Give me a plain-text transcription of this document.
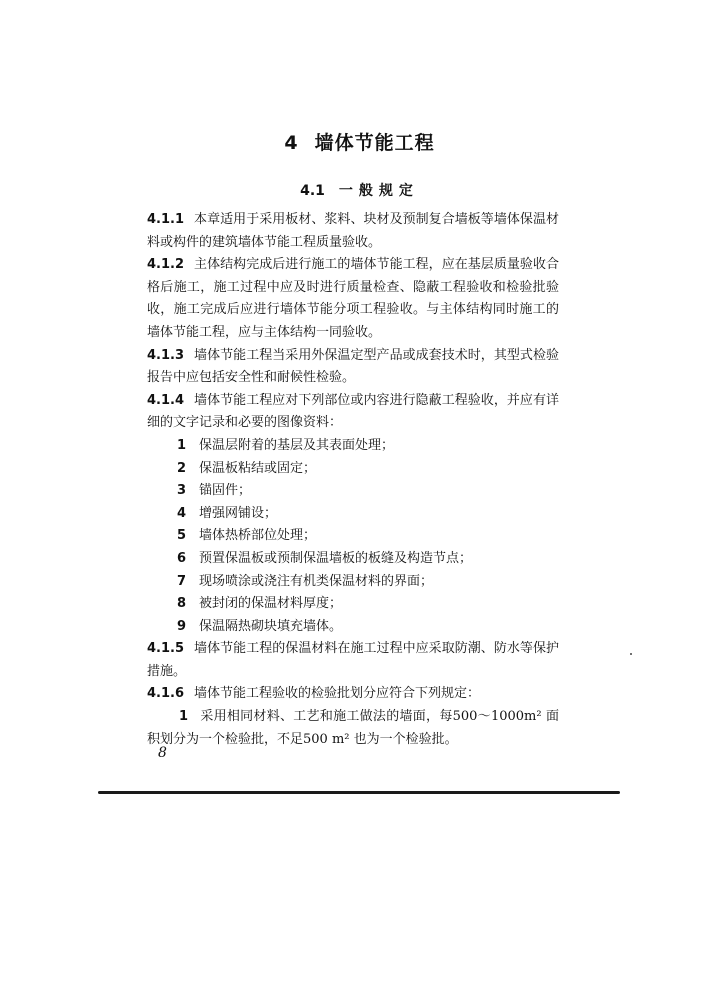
4 墙体节能工程
4.1 一般规定

4.1.1 本章适用于采用板材、浆料、块材及预制复合墙板等墙体保温材料或构件的建筑墙体节能工程质量验收。

4.1.2 主体结构完成后进行施工的墙体节能工程，应在基层质量验收合格后施工，施工过程中应及时进行质量检查、隐蔽工程验收和检验批验收，施工完成后应进行墙体节能分项工程验收。与主体结构同时施工的墙体节能工程，应与主体结构一同验收。

4.1.3 墙体节能工程当采用外保温定型产品或成套技术时，其型式检验报告中应包括安全性和耐候性检验。

4.1.4 墙体节能工程应对下列部位或内容进行隐蔽工程验收，并应有详细的文字记录和必要的图像资料：

1 保温层附着的基层及其表面处理；

2 保温板粘结或固定；

3 锚固件；

4 增强网铺设；

5 墙体热桥部位处理；

6 预置保温板或预制保温墙板的板缝及构造节点；

7 现场喷涂或浇注有机类保温材料的界面；

8 被封闭的保温材料厚度；

9 保温隔热砌块填充墙体。

4.1.5 墙体节能工程的保温材料在施工过程中应采取防潮、防水等保护措施。

4.1.6 墙体节能工程验收的检验批划分应符合下列规定：

1 采用相同材料、工艺和施工做法的墙面，每500～1000m² 面积划分为一个检验批，不足500 m² 也为一个检验批。

8
